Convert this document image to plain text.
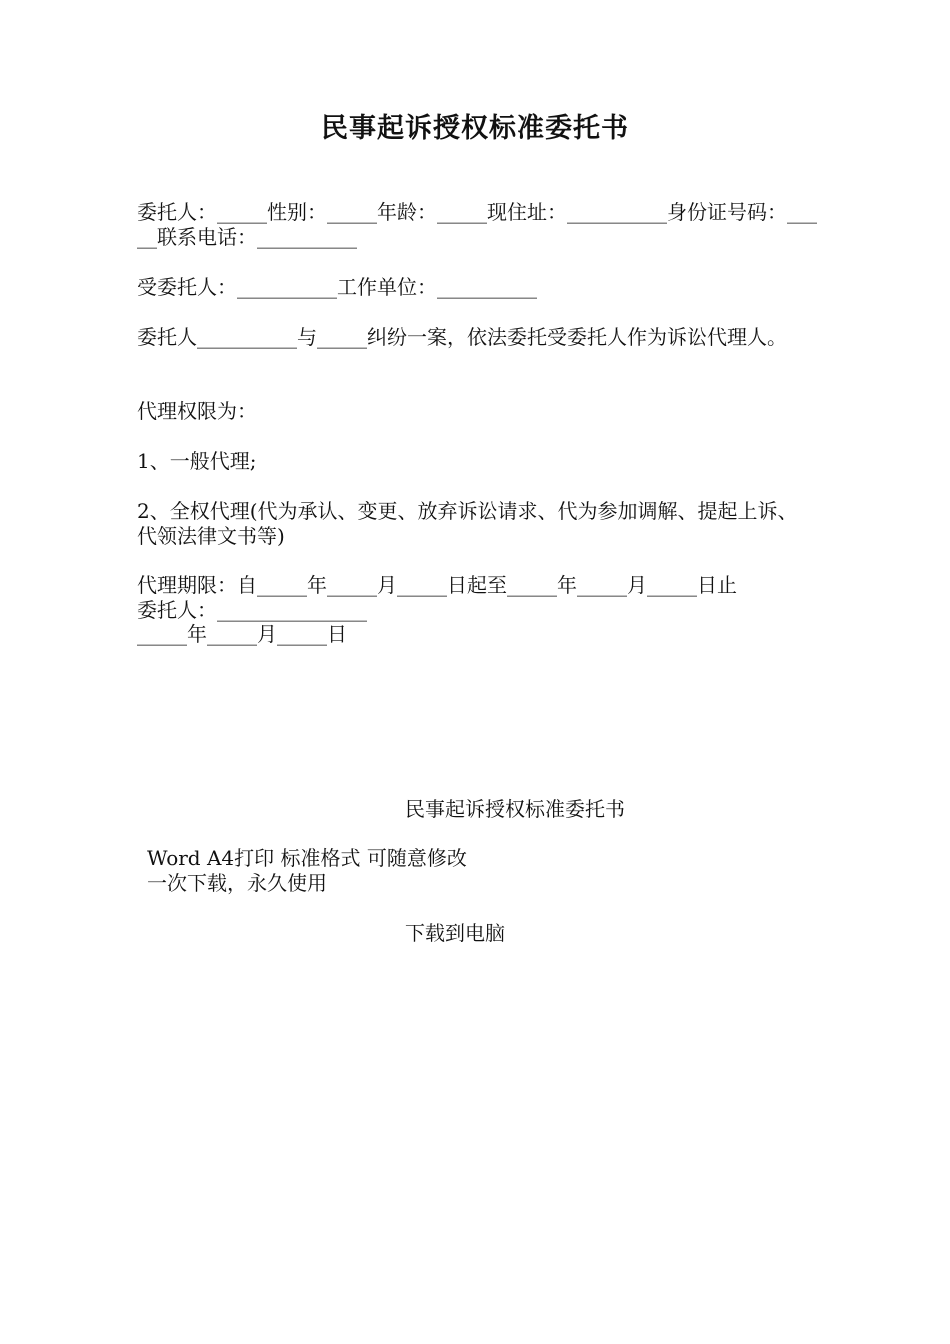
民事起诉授权标准委托书
委托人：_____性别：_____年龄：_____现住址：__________身份证号码：_____联系电话：__________
受委托人：__________工作单位：__________
委托人__________与_____纠纷一案，依法委托受委托人作为诉讼代理人。
代理权限为：
1、一般代理;
2、全权代理(代为承认、变更、放弃诉讼请求、代为参加调解、提起上诉、代领法律文书等)
代理期限：自_____年_____月_____日起至_____年_____月_____日止
委托人：_______________
_____年_____月_____日
民事起诉授权标准委托书
Word A4打印 标准格式 可随意修改
一次下载，永久使用
下载到电脑
